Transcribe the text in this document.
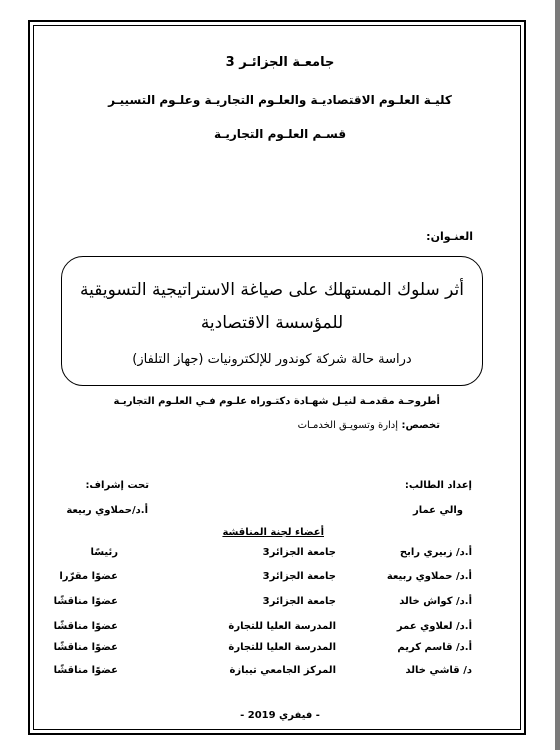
جامعـة الجزائـر 3
كليـة العلـوم الاقتصاديـة والعلـوم التجاريـة وعلـوم التسييـر
قسـم العلـوم التجاريـة
العنـوان:
أثر سلوك المستهلك على صياغة الاستراتيجية التسويقية
للمؤسسة الاقتصادية
دراسة حالة شركة كوندور للإلكترونيات (جهاز التلفاز)
أطروحـة مقدمـة لنيـل شهـادة دكتـوراه علـوم فـي العلـوم التجاريـة
تخصص: إدارة وتسويـق الخدمـات
إعداد الطالب:
تحت إشراف:
والي عمار
أ.د/حملاوي ربيعة
أعضاء لجنة المناقشة
أ.د/ زبيري رابح
جامعة الجزائر3
رئيسًا
أ.د/ حملاوي ربيعة
جامعة الجزائر3
عضوًا مقرّرا
أ.د/ كواش خالد
جامعة الجزائر3
عضوًا مناقشًا
أ.د/ لعلاوي عمر
المدرسة العليا للتجارة
عضوًا مناقشًا
أ.د/ قاسم كريم
المدرسة العليا للتجارة
عضوًا مناقشًا
د/ قاشي خالد
المركز الجامعي تيبازة
عضوًا مناقشًا
- فيفري 2019 -
